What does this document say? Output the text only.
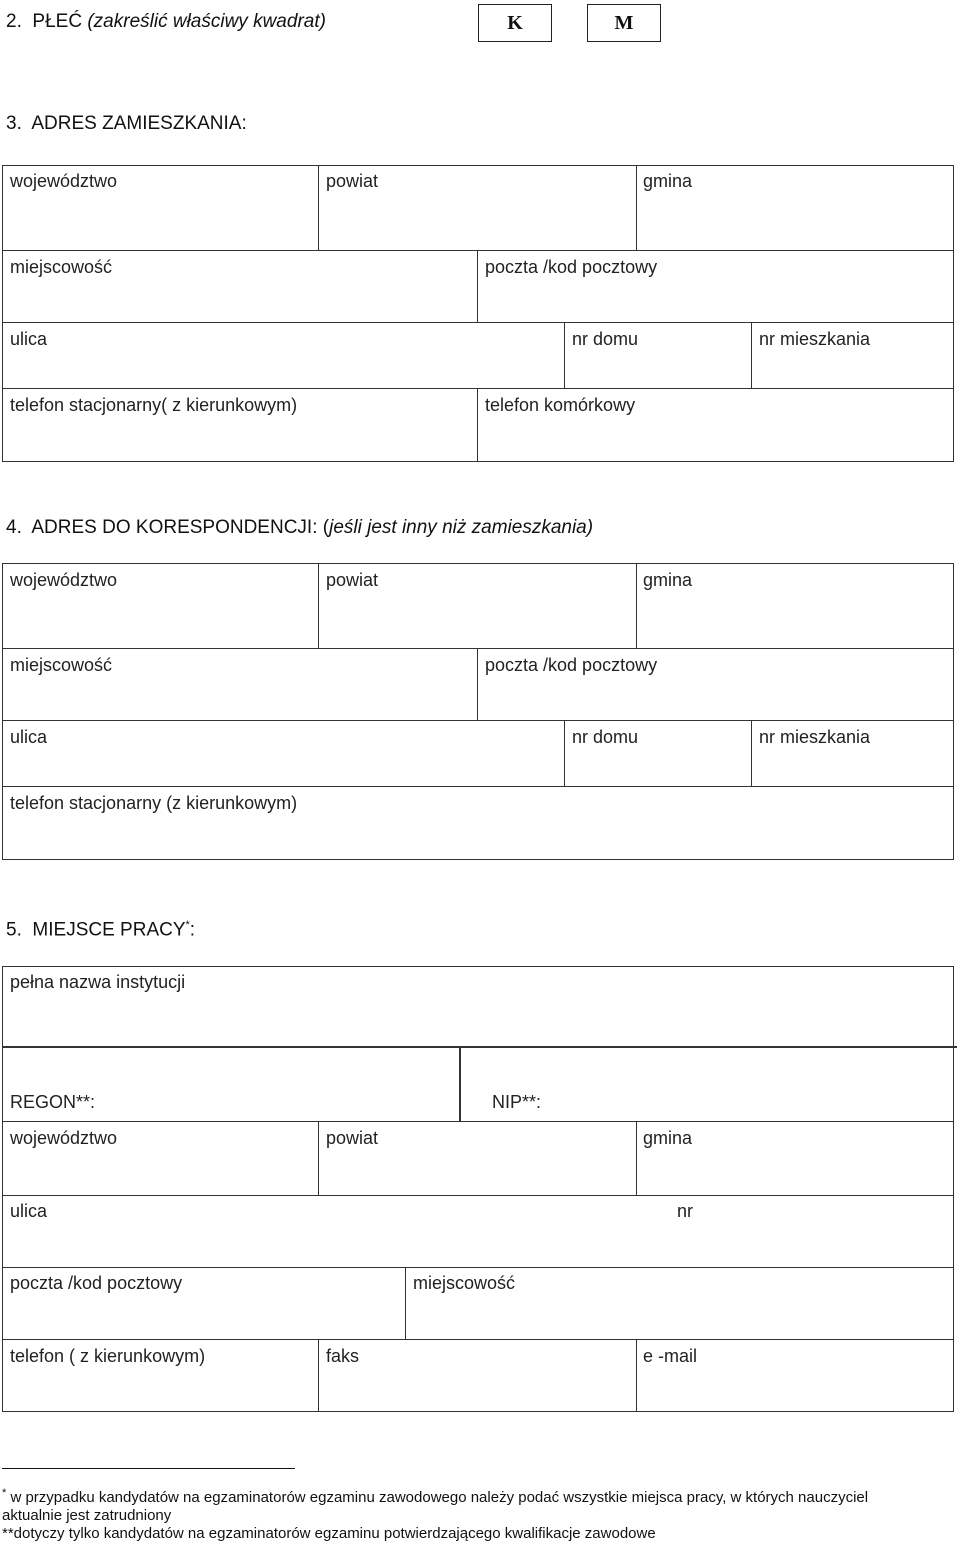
2. PŁEĆ (zakreślić właściwy kwadrat)	K	M
3. ADRES ZAMIESZKANIA:
województwo	powiat	gmina
miejscowość	poczta /kod pocztowy
ulica	nr domu	nr mieszkania
telefon stacjonarny( z kierunkowym)	telefon komórkowy
4. ADRES DO KORESPONDENCJI: (jeśli jest inny niż zamieszkania)
województwo	powiat	gmina
miejscowość	poczta /kod pocztowy
ulica	nr domu	nr mieszkania
telefon stacjonarny (z kierunkowym)
5. MIEJSCE PRACY*:
pełna nazwa instytucji
REGON**:	NIP**:
województwo	powiat	gmina
ulica	nr
poczta /kod pocztowy	miejscowość
telefon ( z kierunkowym)	faks	e -mail
* w przypadku kandydatów na egzaminatorów egzaminu zawodowego należy podać wszystkie miejsca pracy, w których nauczyciel
aktualnie jest zatrudniony
**dotyczy tylko kandydatów na egzaminatorów egzaminu potwierdzającego kwalifikacje zawodowe
